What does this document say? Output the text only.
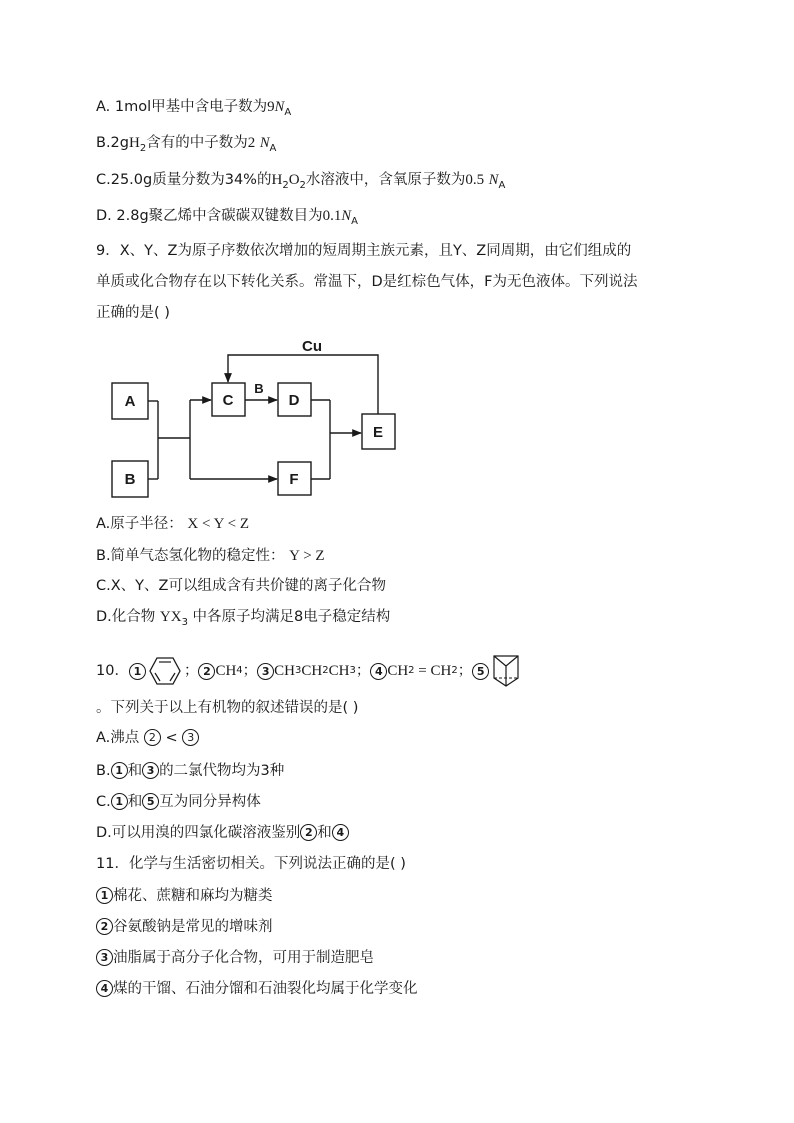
A. 1mol甲基中含电子数为$9N_A$
$B.2gH_2$含有的中子数为2 $N_A$
C.25.0g质量分数为34%的$H_2O_2$水溶液中，含氧原子数为0.5 $N_A$
D. 2.8g聚乙烯中含碳碳双键数目为$0.1N_A$
9．X、Y、Z为原子序数依次增加的短周期主族元素，且Y、Z同周期，由它们组成的
单质或化合物存在以下转化关系。常温下，D是红棕色气体，F为无色液体。下列说法
正确的是( )
A
B
C	D
E
F
Cu
B
A.原子半径： X < Y < Z
B.简单气态氢化物的稳定性： Y > Z
C.X、Y、Z可以组成含有共价键的离子化合物
D.化合物 $YX_3$ 中各原子均满足8电子稳定结构
10． 1	； 2 CH 4 ； 3 CH 3 CH 2 CH 3 ； 4 CH 2 = CH 2 ； 5
。下列关于以上有机物的叙述错误的是( )
A.沸点 2 < 3
B. 1 和 3 的二氯代物均为3种
C. 1 和 5 互为同分异构体
D.可以用溴的四氯化碳溶液鉴别 2 和 4
11．化学与生活密切相关。下列说法正确的是( )
1 棉花、蔗糖和麻均为糖类
2 谷氨酸钠是常见的增味剂
3 油脂属于高分子化合物，可用于制造肥皂
4 煤的干馏、石油分馏和石油裂化均属于化学变化
